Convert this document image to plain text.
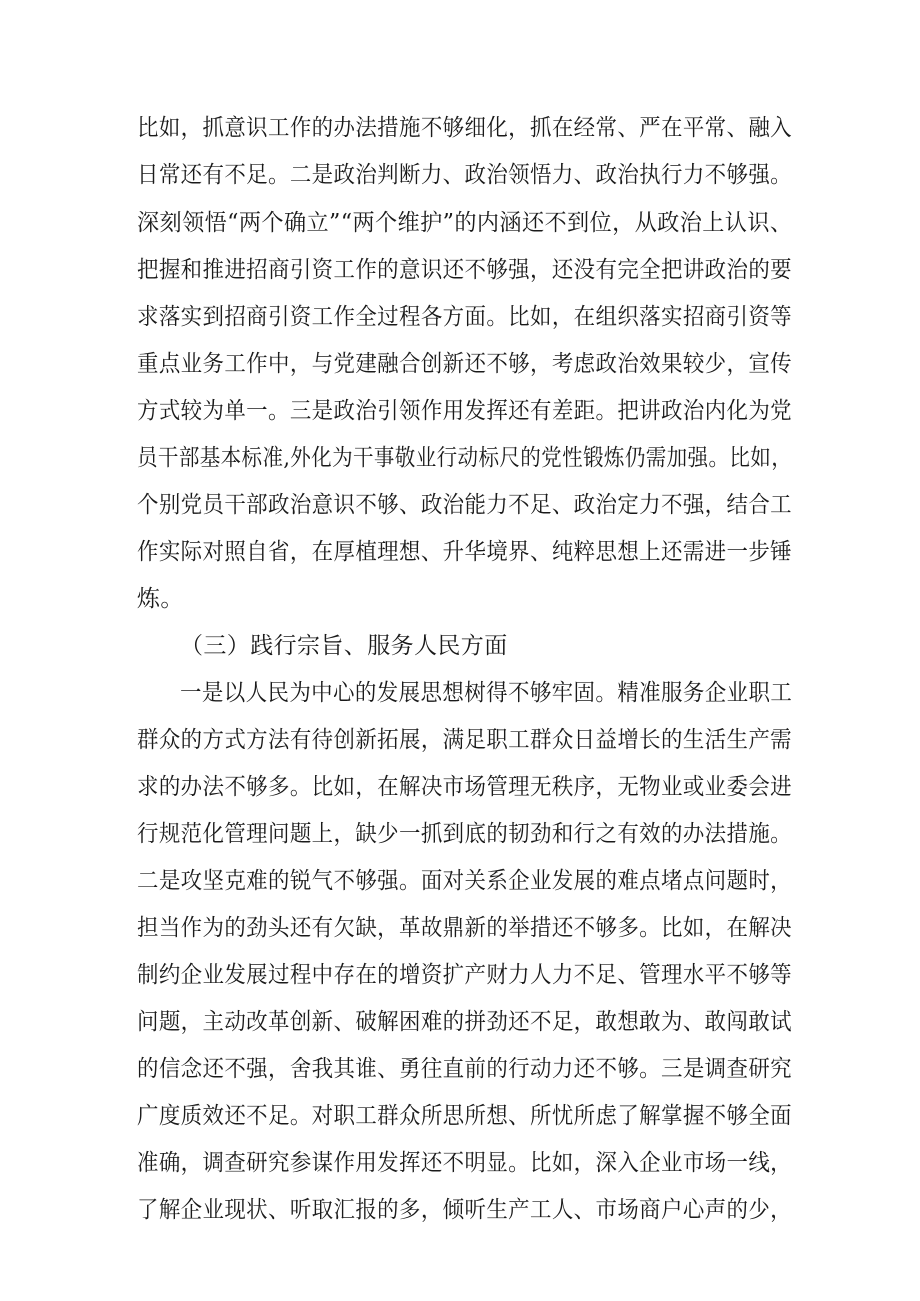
比如，抓意识工作的办法措施不够细化，抓在经常、严在平常、融入
日常还有不足。二是政治判断力、政治领悟力、政治执行力不够强。
深刻领悟“两个确立”“两个维护”的内涵还不到位，从政治上认识、
把握和推进招商引资工作的意识还不够强，还没有完全把讲政治的要
求落实到招商引资工作全过程各方面。比如，在组织落实招商引资等
重点业务工作中，与党建融合创新还不够，考虑政治效果较少，宣传
方式较为单一。三是政治引领作用发挥还有差距。把讲政治内化为党
员干部基本标准,外化为干事敬业行动标尺的党性锻炼仍需加强。比如，
个别党员干部政治意识不够、政治能力不足、政治定力不强，结合工
作实际对照自省，在厚植理想、升华境界、纯粹思想上还需进一步锤
炼。
（三）践行宗旨、服务人民方面
一是以人民为中心的发展思想树得不够牢固。精准服务企业职工
群众的方式方法有待创新拓展，满足职工群众日益增长的生活生产需
求的办法不够多。比如，在解决市场管理无秩序，无物业或业委会进
行规范化管理问题上，缺少一抓到底的韧劲和行之有效的办法措施。
二是攻坚克难的锐气不够强。面对关系企业发展的难点堵点问题时，
担当作为的劲头还有欠缺，革故鼎新的举措还不够多。比如，在解决
制约企业发展过程中存在的增资扩产财力人力不足、管理水平不够等
问题，主动改革创新、破解困难的拼劲还不足，敢想敢为、敢闯敢试
的信念还不强，舍我其谁、勇往直前的行动力还不够。三是调查研究
广度质效还不足。对职工群众所思所想、所忧所虑了解掌握不够全面
准确，调查研究参谋作用发挥还不明显。比如，深入企业市场一线，
了解企业现状、听取汇报的多，倾听生产工人、市场商户心声的少，
